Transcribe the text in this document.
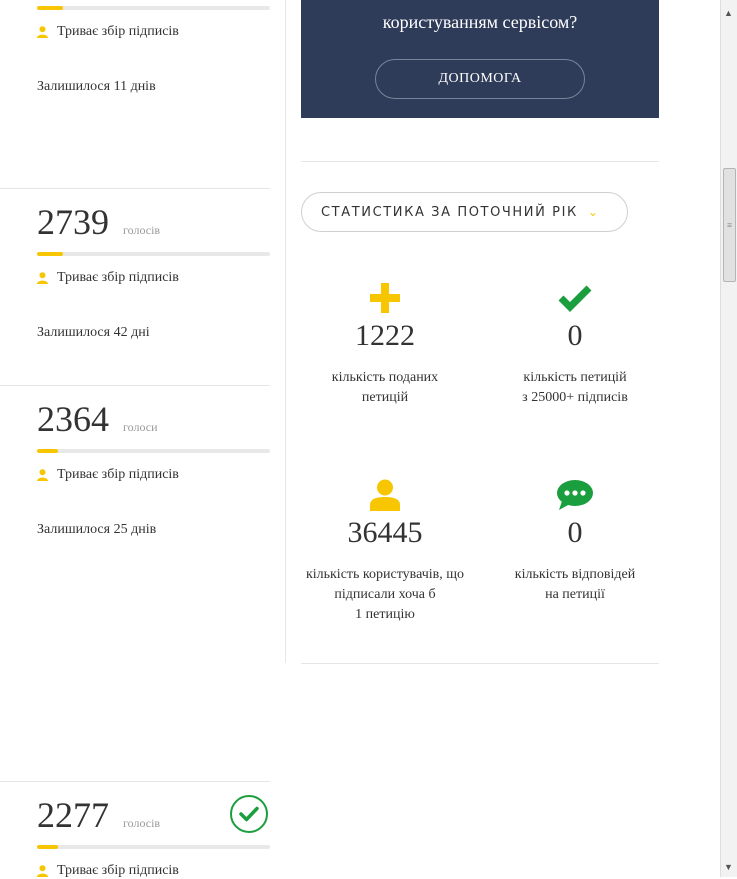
Триває збір підписів
Залишилося 11 днів
2739 голосів
Триває збір підписів
Залишилося 42 дні
2364 голоси
Триває збір підписів
Залишилося 25 днів
2277 голосів
Триває збір підписів
користуванням сервісом?
ДОПОМОГА
СТАТИСТИКА ЗА ПОТОЧНИЙ РІК ⌄
1222
кількість поданих
петицій
0
кількість петицій
з 25000+ підписів
36445
кількість користувачів, що
підписали хоча б
1 петицію
0
кількість відповідей
на петиції
▲
≡
▼
